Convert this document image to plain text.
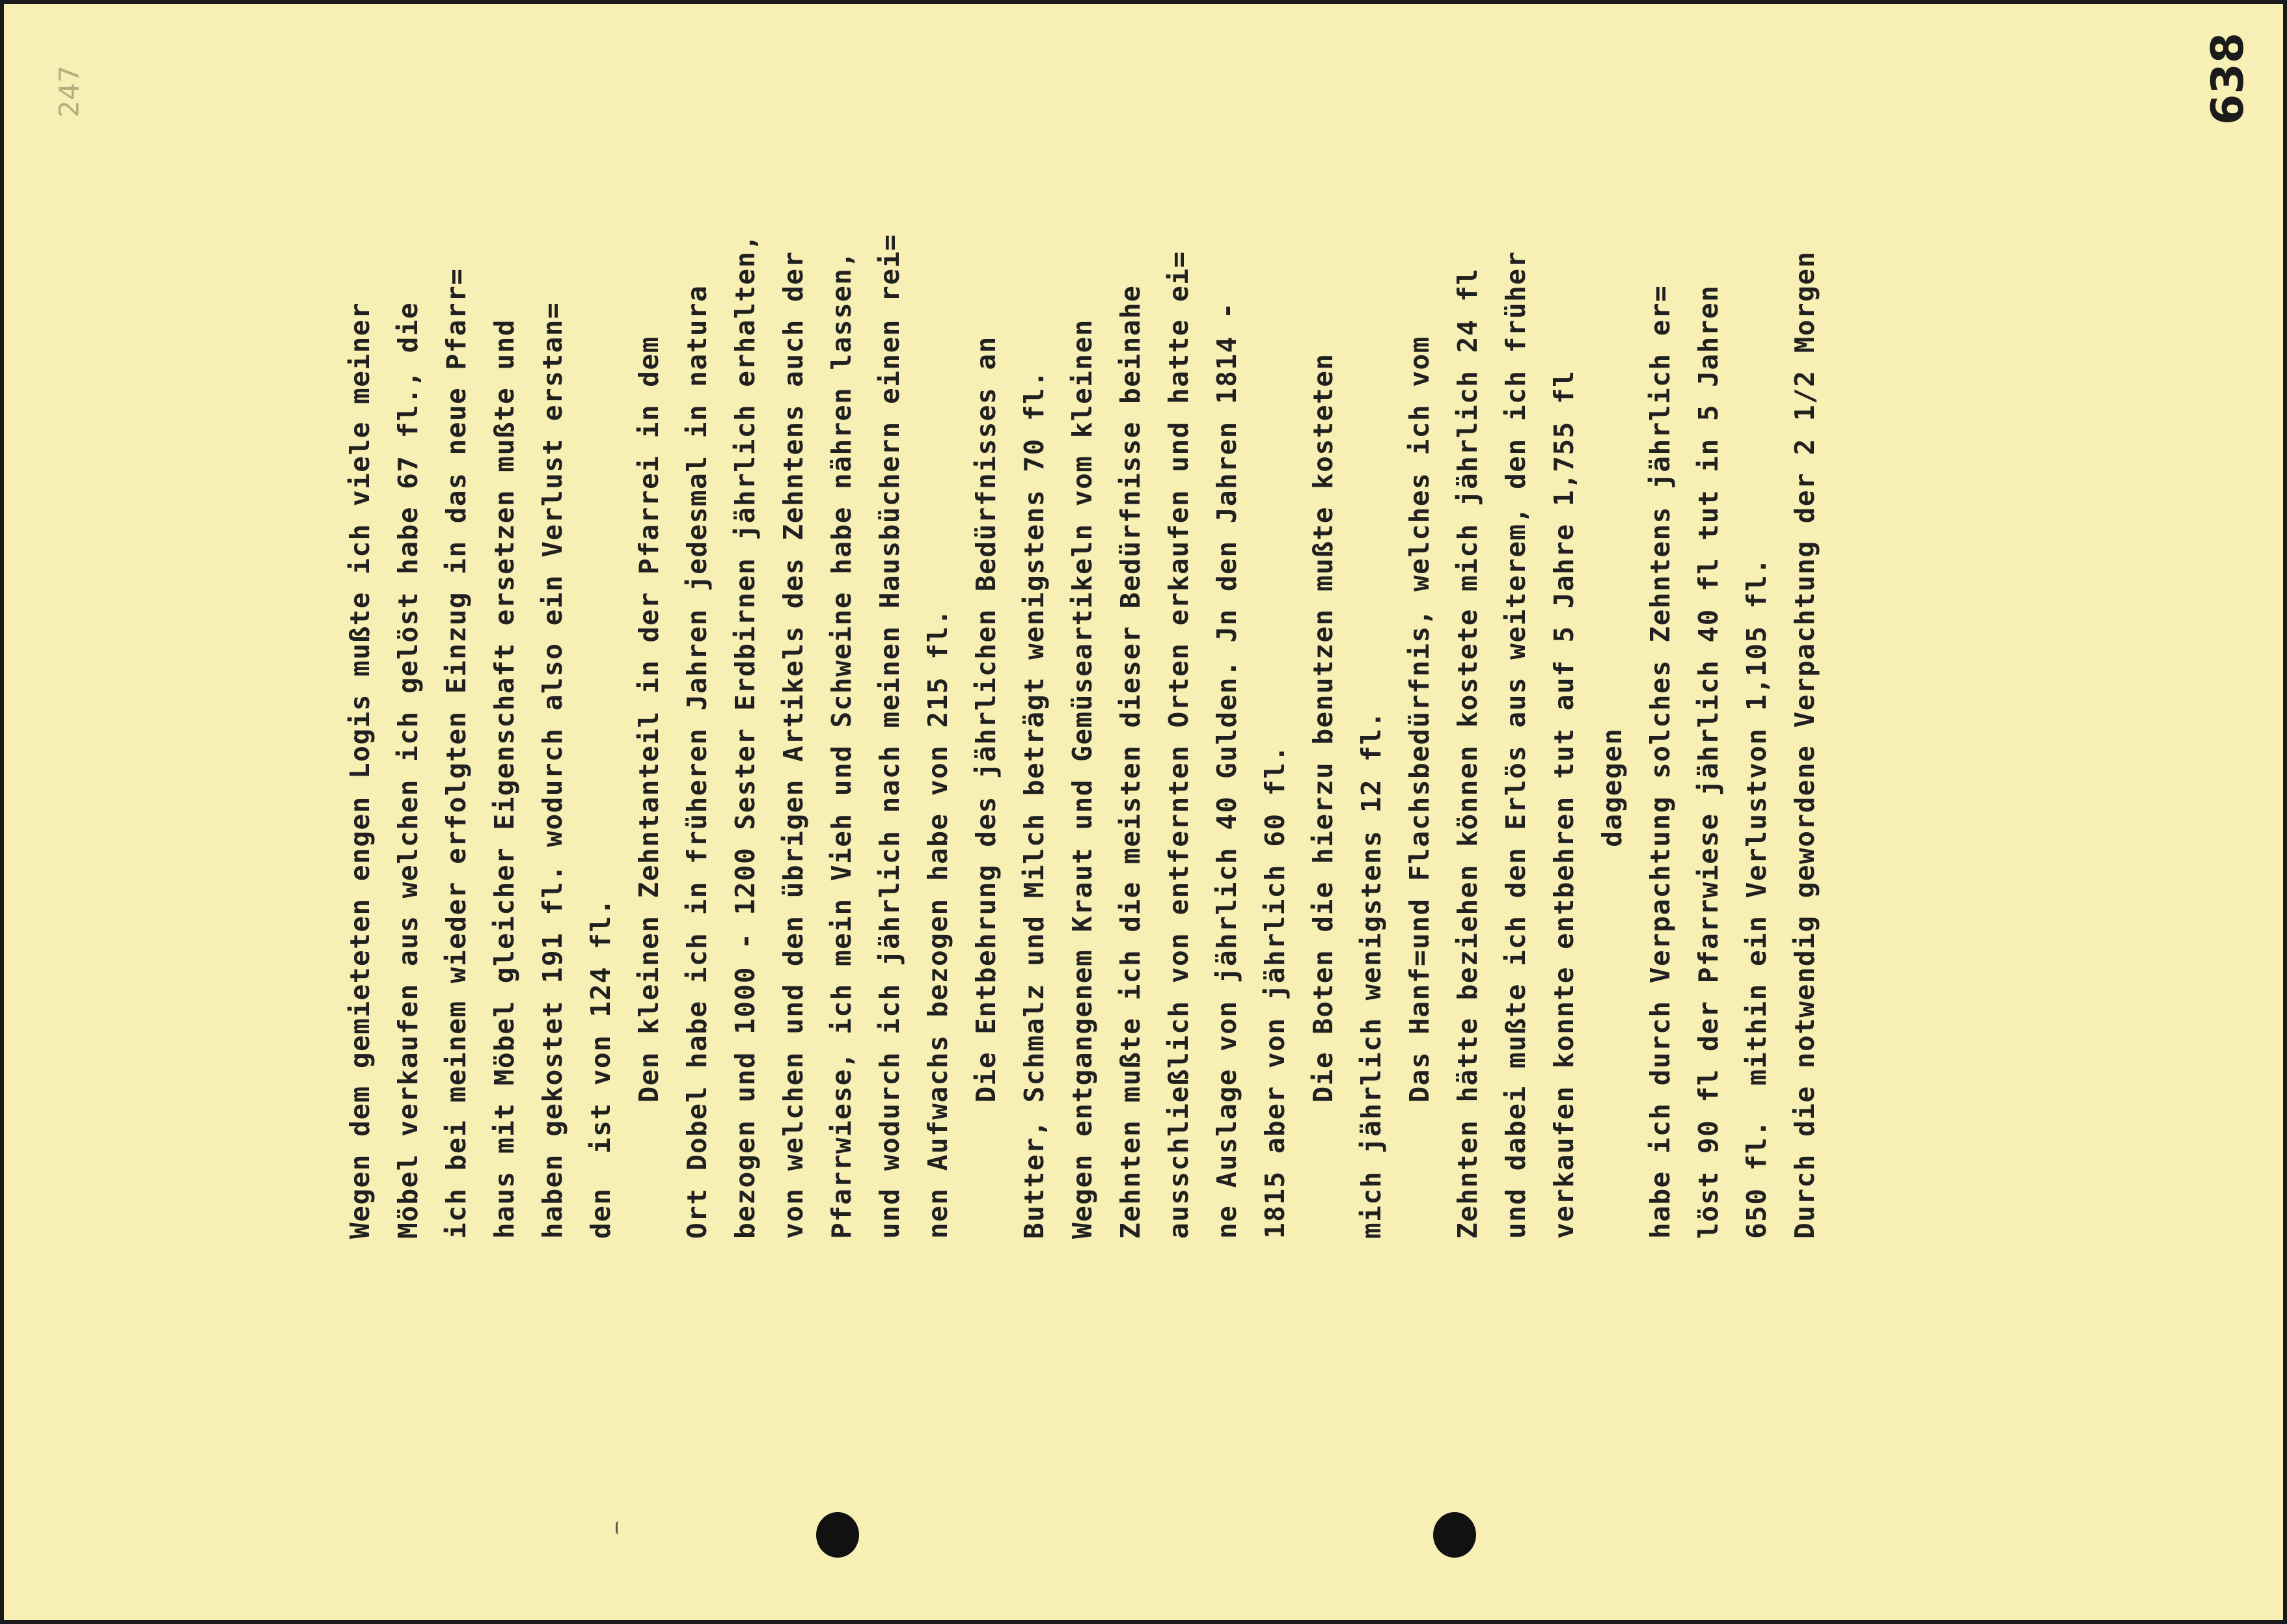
638
247
Wegen dem gemieteten engen Logis mußte ich viele meiner Möbel verkaufen aus welchen ich gelöst habe 67 fl., die ich bei meinem wieder erfolgten Einzug in das neue Pfarr= haus mit Möbel gleicher Eigenschaft ersetzen mußte und haben gekostet 191 fl. wodurch also ein Verlust erstan= den  ist von 124 fl. Den kleinen Zehntanteil in der Pfarrei in dem Ort Dobel habe ich in früheren Jahren jedesmal in natura bezogen und 1000 - 1200 Sester Erdbirnen jährlich erhalten, von welchen und den übrigen Artikels des Zehntens auch der Pfarrwiese, ich mein Vieh und Schweine habe nähren lassen, und wodurch ich jährlich nach meinen Hausbüchern einen rei= nen Aufwachs bezogen habe von 215 fl. Die Entbehrung des jährlichen Bedürfnisses an Butter, Schmalz und Milch beträgt wenigstens 70 fl. Wegen entgangenem Kraut und Gemüseartikeln vom kleinen Zehnten mußte ich die meisten dieser Bedürfnisse beinahe ausschließlich von entfernten Orten erkaufen und hatte ei= ne Auslage von jährlich 40 Gulden. Jn den Jahren 1814 - 1815 aber von jährlich 60 fl. Die Boten die hierzu benutzen mußte kosteten mich jährlich wenigstens 12 fl. Das Hanf=und Flachsbedürfnis, welches ich vom Zehnten hätte beziehen können kostete mich jährlich 24 fl und dabei mußte ich den Erlös aus weiterem, den ich früher verkaufen konnte entbehren tut auf 5 Jahre 1,755 fl dagegen habe ich durch Verpachtung solches Zehntens jährlich er= löst 90 fl der Pfarrwiese jährlich 40 fl tut in 5 Jahren 650 fl.  mithin ein Verlustvon 1,105 fl. Durch die notwendig gewordene Verpachtung der 2 1/2 Morgen
